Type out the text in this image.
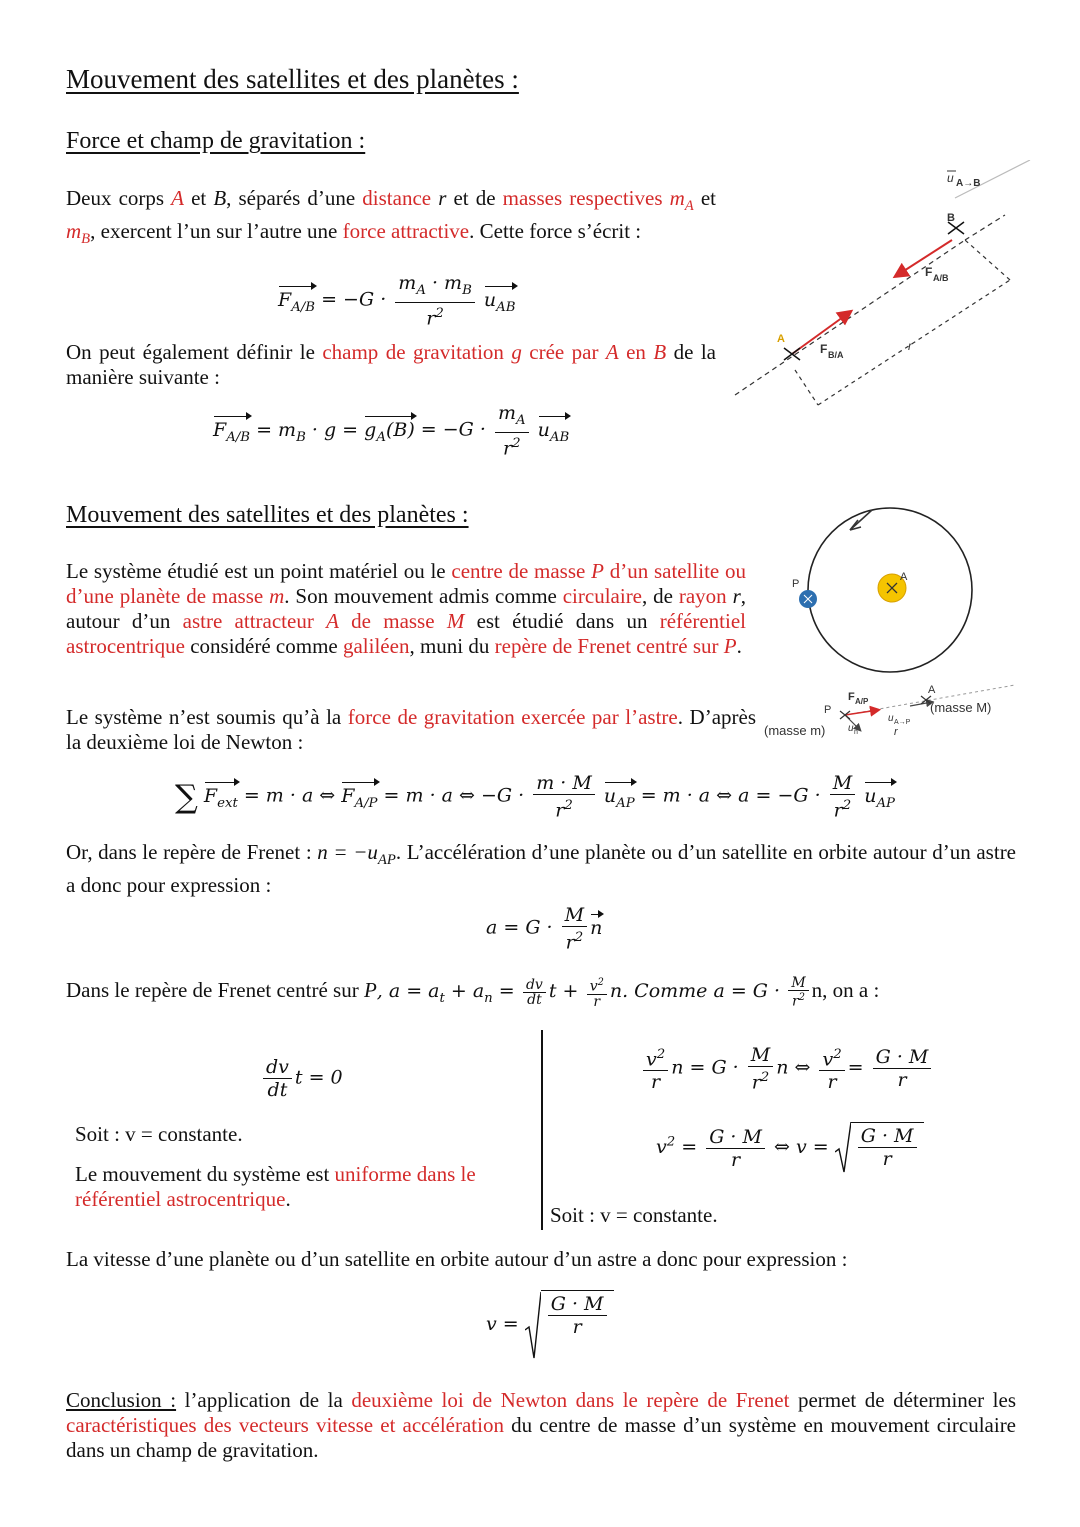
Mouvement des satellites et des planètes :
Force et champ de gravitation :
Deux corps A et B, séparés d’une distance r et de masses respectives $m_A$ et $m_B$, exercent l’un sur l’autre une force attractive. Cette force s’écrit :
$F_{A/B} = -G \cdot \frac{m_A \cdot m_B}{r^2} u_{AB}$
On peut également définir le champ de gravitation g crée par A en B de la manière suivante :
$F_{A/B} = m_B \cdot g = g_A(B) = -G \cdot \frac{m_A}{r^2} u_{AB}$
u A→B
B
A
F A/B
F B/A
r
Mouvement des satellites et des planètes :
Le système étudié est un point matériel ou le centre de masse P d’un satellite ou d’une planète de masse m. Son mouvement admis comme circulaire, de rayon r, autour d’un astre attracteur A de masse M est étudié dans un référentiel astrocentrique considéré comme galiléen, muni du repère de Frenet centré sur P.
Le système n’est soumis qu’à la force de gravitation exercée par l’astre. D’après la deuxième loi de Newton :
P
A
P
(masse m)
A
(masse M)
F A/P
u n
u A→P
r
∑ $F_{ext} = m \cdot a$ ⇔ $F_{A/P} = m \cdot a$ ⇔ $-G \cdot \frac{m \cdot M}{r^2} u_{AP} = m \cdot a$ ⇔ $a = -G \cdot \frac{M}{r^2} u_{AP}$
Or, dans le repère de Frenet : $n = -u_{AP}$. L’accélération d’une planète ou d’un satellite en orbite autour d’un astre a donc pour expression :
$a = G \cdot \frac{M}{r^2}$ n
Dans le repère de Frenet centré sur P, $a = a_t + a_n = \frac{dv}{dt}$ $t + \frac{v^2}{r} n$. Comme $a = G \cdot \frac{M}{r^2} n$, on a :
$\frac{dv}{dt}$ t = 0
Soit : v = constante.
Le mouvement du système est uniforme dans le référentiel astrocentrique.
$\frac{v^2}{r}$ $n = G \cdot \frac{M}{r^2}$ n ⇔ $\frac{v^2}{r} = \frac{G \cdot M}{r}$
$v^2 = \frac{G \cdot M}{r}$ ⇔ $v = \frac{G \cdot M}{r}$
Soit : v = constante.
La vitesse d’une planète ou d’un satellite en orbite autour d’un astre a donc pour expression :
$v = \frac{G \cdot M}{r}$
Conclusion : l’application de la deuxième loi de Newton dans le repère de Frenet permet de déterminer les caractéristiques des vecteurs vitesse et accélération du centre de masse d’un système en mouvement circulaire dans un champ de gravitation.
